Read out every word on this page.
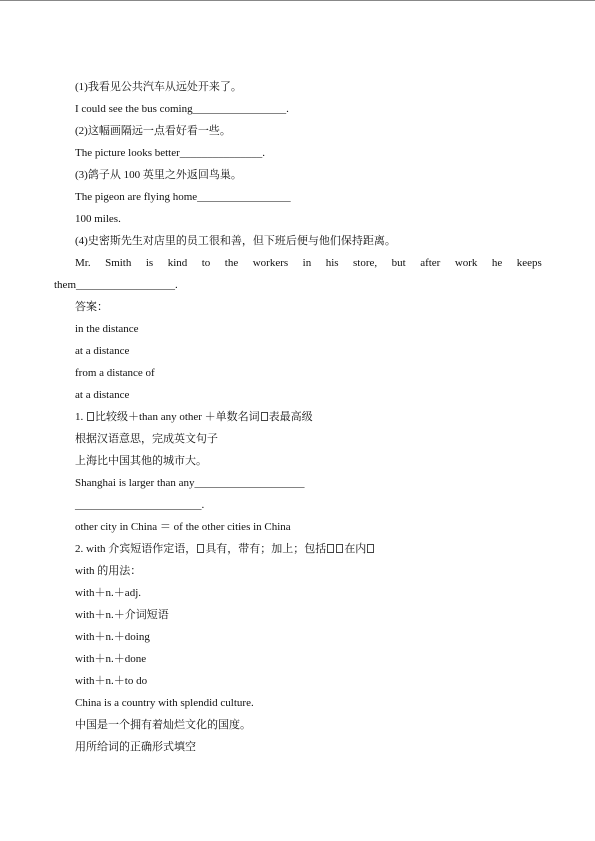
(1)我看见公共汽车从远处开来了。
I could see the bus coming_________________.
(2)这幅画隔远一点看好看一些。
The picture looks better_______________.
(3)鸽子从 100 英里之外返回鸟巢。
The pigeon are flying home_________________
100 miles.
(4)史密斯先生对店里的员工很和善，但下班后便与他们保持距离。
Mr. Smith is kind to the workers in his store, but after work he keeps
them__________________.
答案：
in the distance
at a distance
from a distance of
at a distance
1. 比较级＋than any other ＋单数名词 表最高级
根据汉语意思，完成英文句子
上海比中国其他的城市大。
Shanghai is larger than any____________________
_______________________.
other city in China ＝ of the other cities in China
2. with 介宾短语作定语， 具有，带有；加上；包括 在内
with 的用法：
with＋n.＋adj.
with＋n.＋介词短语
with＋n.＋doing
with＋n.＋done
with＋n.＋to do
China is a country with splendid culture.
中国是一个拥有着灿烂文化的国度。
用所给词的正确形式填空
